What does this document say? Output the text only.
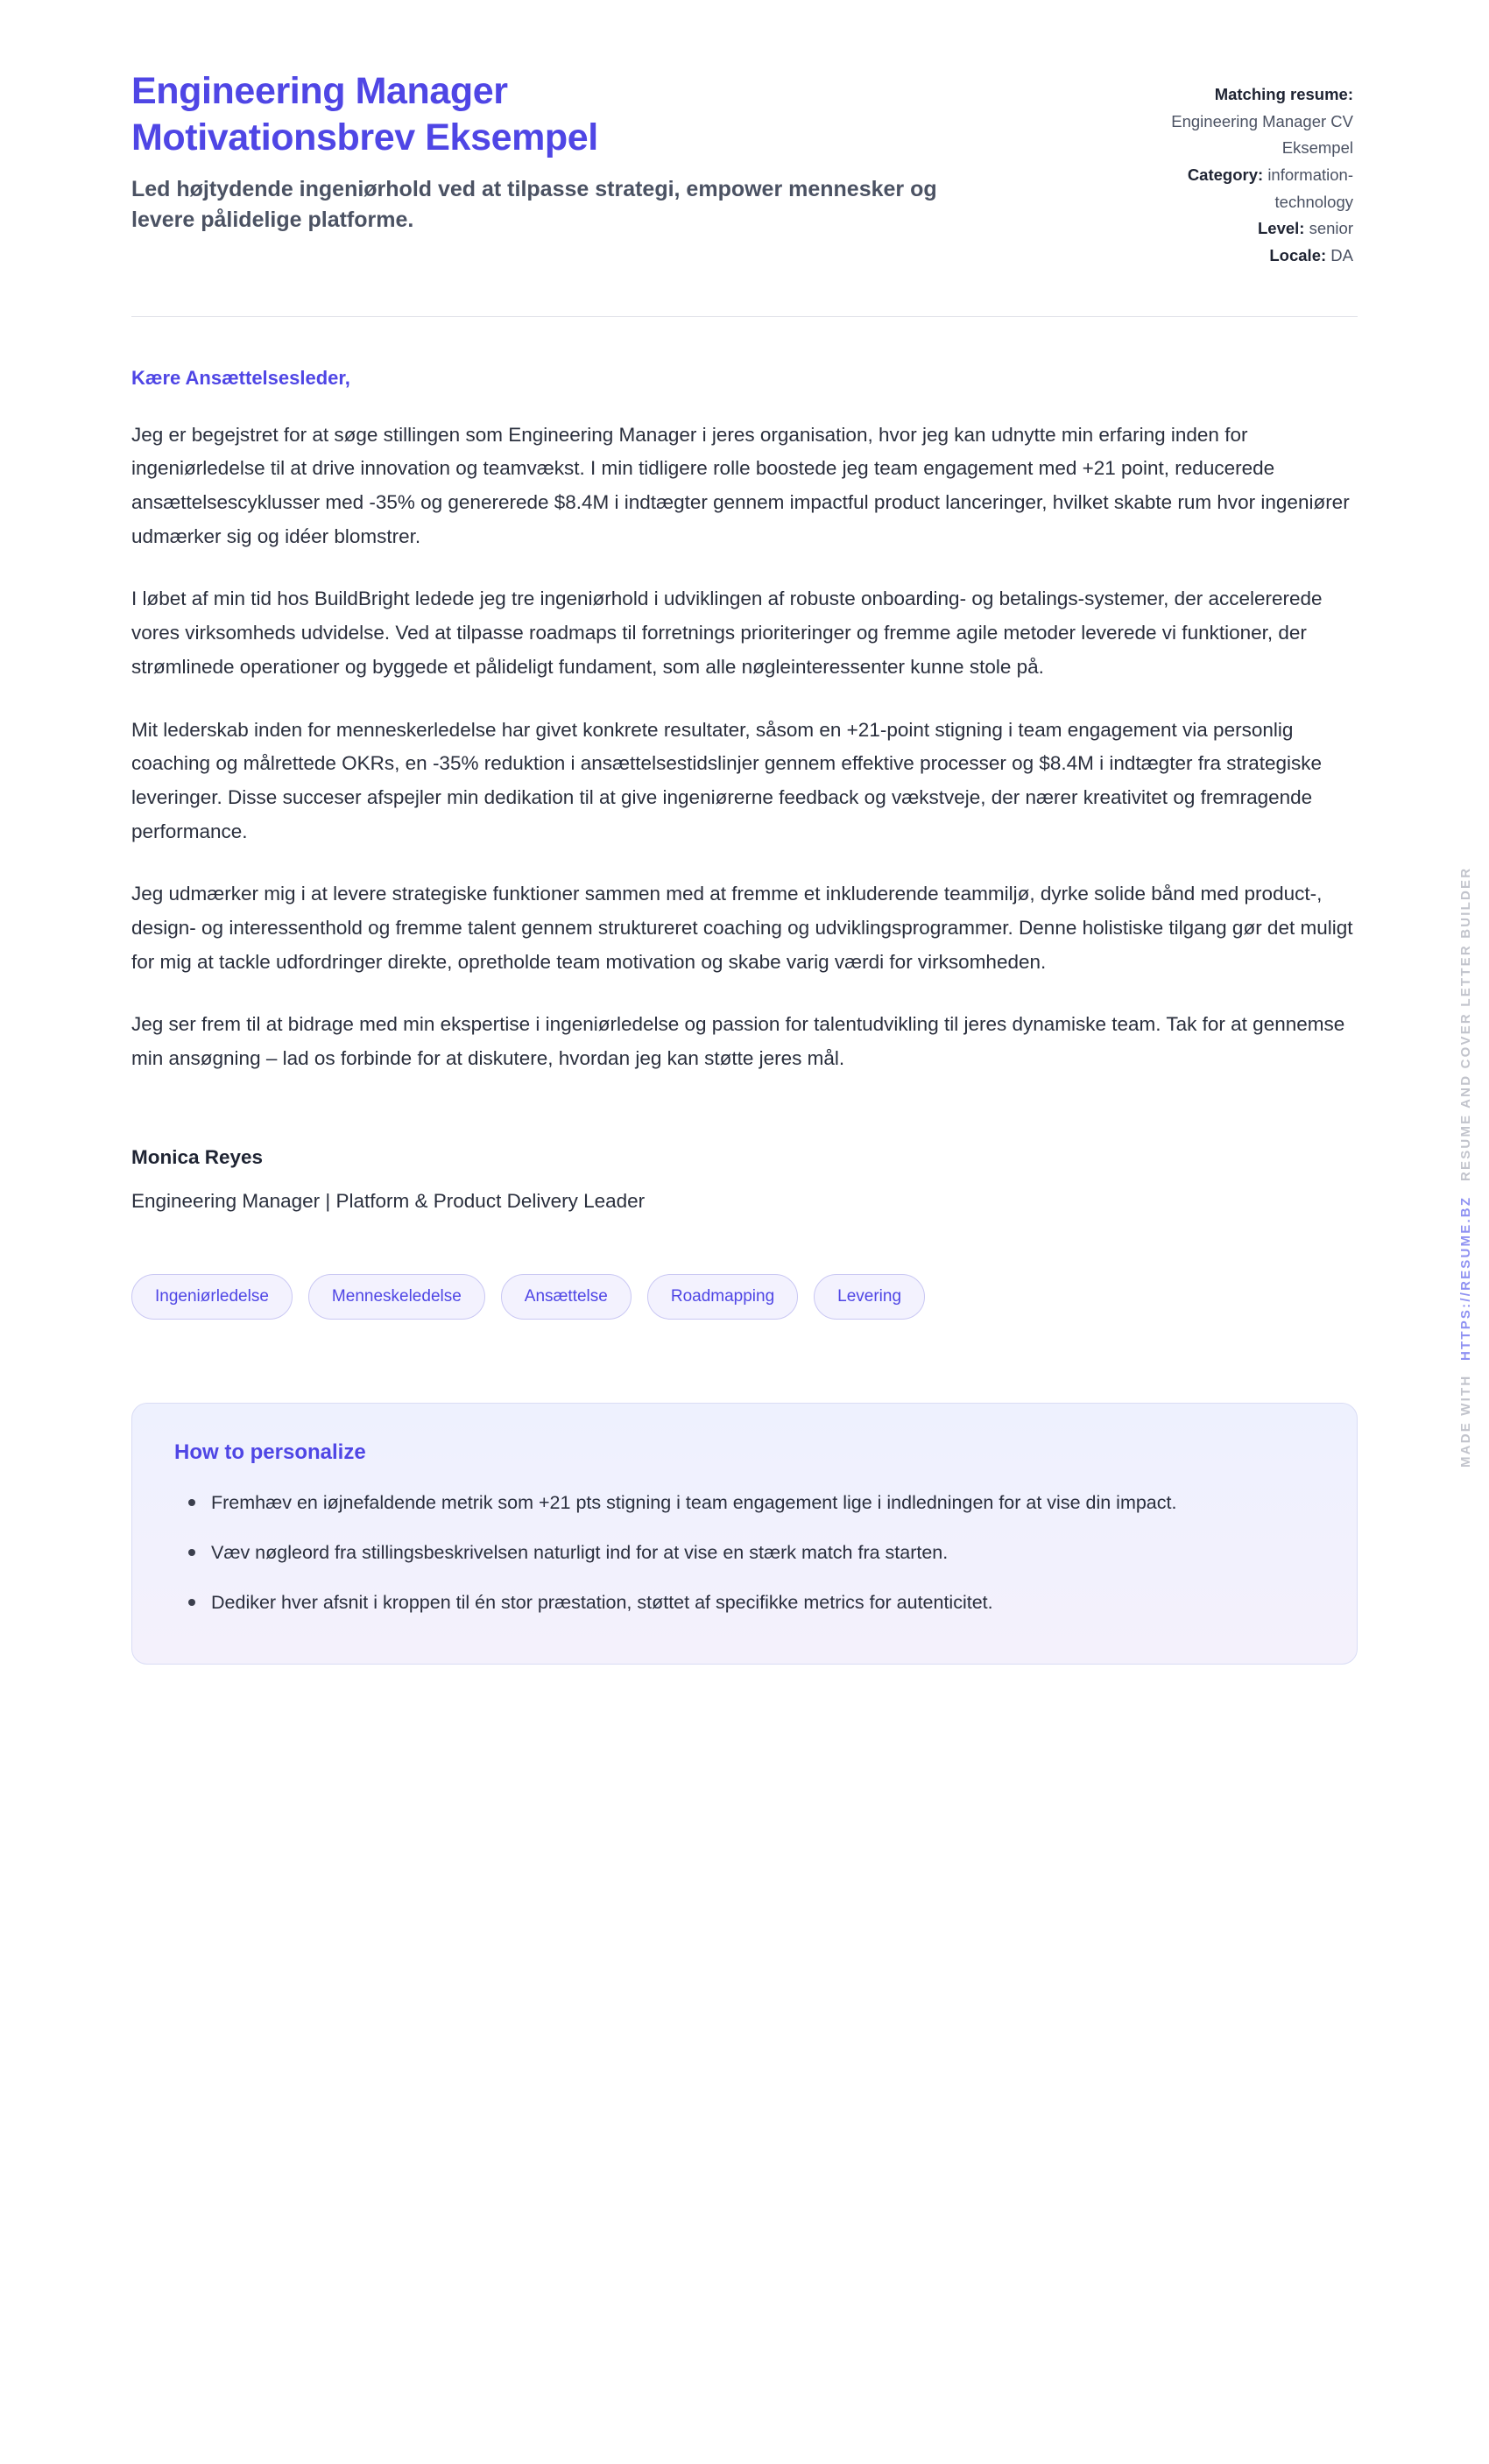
Engineering Manager
Motivationsbrev Eksempel

Led højtydende ingeniørhold ved at tilpasse strategi, empower mennesker og levere pålidelige platforme.

Matching resume:
Engineering Manager CV
Eksempel
Category: information-
technology
Level: senior
Locale: DA

Kære Ansættelsesleder,

Jeg er begejstret for at søge stillingen som Engineering Manager i jeres organisation, hvor jeg kan udnytte min erfaring inden for ingeniørledelse til at drive innovation og teamvækst. I min tidligere rolle boostede jeg team engagement med +21 point, reducerede ansættelsescyklusser med -35% og genererede $8.4M i indtægter gennem impactful product lanceringer, hvilket skabte rum hvor ingeniører udmærker sig og idéer blomstrer.

I løbet af min tid hos BuildBright ledede jeg tre ingeniørhold i udviklingen af robuste onboarding- og betalings-systemer, der accelererede vores virksomheds udvidelse. Ved at tilpasse roadmaps til forretnings prioriteringer og fremme agile metoder leverede vi funktioner, der strømlinede operationer og byggede et pålideligt fundament, som alle nøgleinteressenter kunne stole på.

Mit lederskab inden for menneskerledelse har givet konkrete resultater, såsom en +21-point stigning i team engagement via personlig coaching og målrettede OKRs, en -35% reduktion i ansættelsestidslinjer gennem effektive processer og $8.4M i indtægter fra strategiske leveringer. Disse succeser afspejler min dedikation til at give ingeniørerne feedback og vækstveje, der nærer kreativitet og fremragende performance.

Jeg udmærker mig i at levere strategiske funktioner sammen med at fremme et inkluderende teammiljø, dyrke solide bånd med product-, design- og interessenthold og fremme talent gennem struktureret coaching og udviklingsprogrammer. Denne holistiske tilgang gør det muligt for mig at tackle udfordringer direkte, opretholde team motivation og skabe varig værdi for virksomheden.

Jeg ser frem til at bidrage med min ekspertise i ingeniørledelse og passion for talentudvikling til jeres dynamiske team. Tak for at gennemse min ansøgning – lad os forbinde for at diskutere, hvordan jeg kan støtte jeres mål.

Monica Reyes

Engineering Manager | Platform & Product Delivery Leader

Ingeniørledelse	Menneskeledelse	Ansættelse	Roadmapping	Levering
How to personalize
Fremhæv en iøjnefaldende metrik som +21 pts stigning i team engagement lige i indledningen for at vise din impact.
Væv nøgleord fra stillingsbeskrivelsen naturligt ind for at vise en stærk match fra starten.
Dediker hver afsnit i kroppen til én stor præstation, støttet af specifikke metrics for autenticitet.
MADE WITH
HTTPS://RESUME.BZ
RESUME AND COVER LETTER BUILDER
